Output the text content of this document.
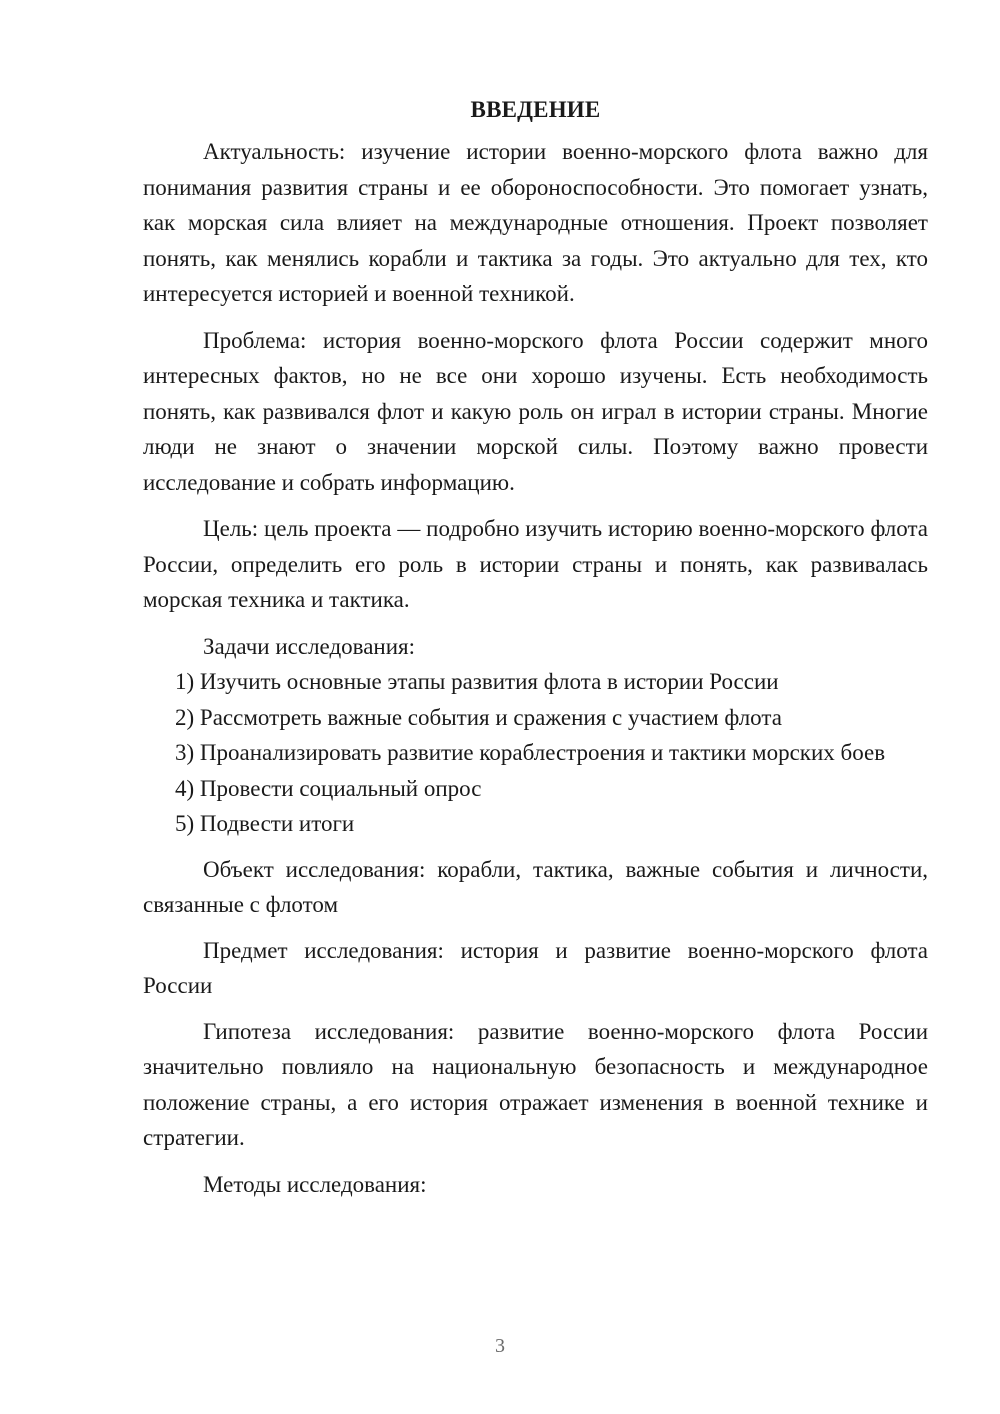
ВВЕДЕНИЕ

Актуальность: изучение истории военно-морского флота важно для понимания развития страны и ее обороноспособности. Это помогает узнать, как морская сила влияет на международные отношения. Проект позволяет понять, как менялись корабли и тактика за годы. Это актуально для тех, кто интересуется историей и военной техникой.

Проблема: история военно-морского флота России содержит много интересных фактов, но не все они хорошо изучены. Есть необходимость понять, как развивался флот и какую роль он играл в истории страны. Многие люди не знают о значении морской силы. Поэтому важно провести исследование и собрать информацию.

Цель: цель проекта — подробно изучить историю военно-морского флота России, определить его роль в истории страны и понять, как развивалась морская техника и тактика.

Задачи исследования:

1) Изучить основные этапы развития флота в истории России

2) Рассмотреть важные события и сражения с участием флота

3) Проанализировать развитие кораблестроения и тактики морских боев

4) Провести социальный опрос

5) Подвести итоги

Объект исследования: корабли, тактика, важные события и личности, связанные с флотом

Предмет исследования: история и развитие военно-морского флота России

Гипотеза исследования: развитие военно-морского флота России значительно повлияло на национальную безопасность и международное положение страны, а его история отражает изменения в военной технике и стратегии.

Методы исследования:

3
